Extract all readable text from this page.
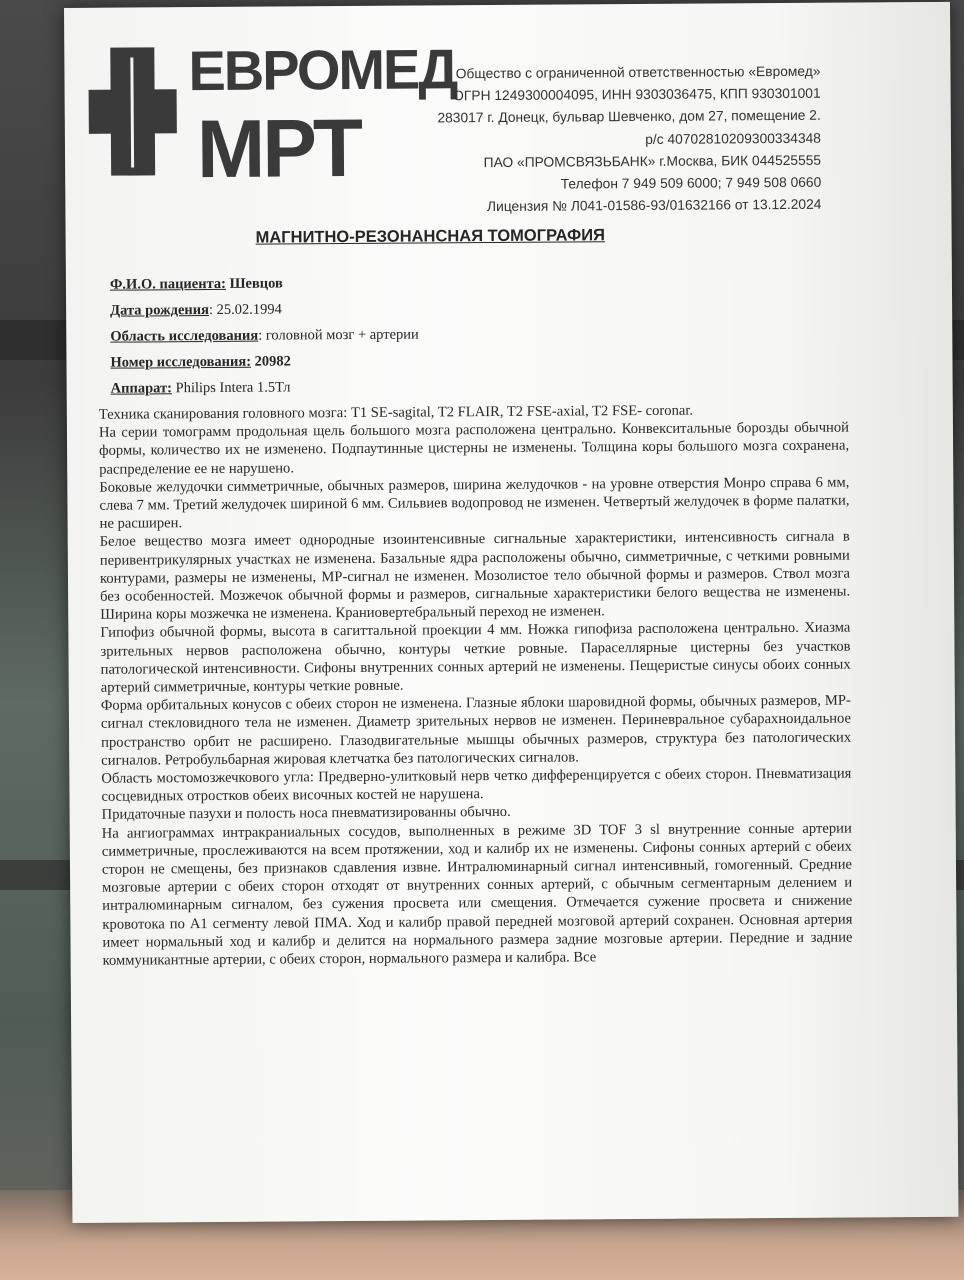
ЕВРОМЕД
МРТ
Общество с ограниченной ответственностью «Евромед»
ОГРН 1249300004095, ИНН 9303036475, КПП 930301001
283017 г. Донецк, бульвар Шевченко, дом 27, помещение 2.
р/с 40702810209300334348
ПАО «ПРОМСВЯЗЬБАНК» г.Москва, БИК 044525555
Телефон 7 949 509 6000; 7 949 508 0660
Лицензия № Л041-01586-93/01632166 от 13.12.2024
МАГНИТНО-РЕЗОНАНСНАЯ ТОМОГРАФИЯ
Ф.И.О. пациента: Шевцов
Дата рождения: 25.02.1994
Область исследования: головной мозг + артерии
Номер исследования: 20982
Аппарат: Philips Intera 1.5Тл

Техника сканирования головного мозга: T1 SE-sagital, T2 FLAIR, T2 FSE-axial, T2 FSE- coronar.

На серии томограмм продольная щель большого мозга расположена центрально. Конвекситальные борозды обычной формы, количество их не изменено. Подпаутинные цистерны не изменены. Толщина коры большого мозга сохранена, распределение ее не нарушено.

Боковые желудочки симметричные, обычных размеров, ширина желудочков - на уровне отверстия Монро справа 6 мм, слева 7 мм. Третий желудочек шириной 6 мм. Сильвиев водопровод не изменен. Четвертый желудочек в форме палатки, не расширен.

Белое вещество мозга имеет однородные изоинтенсивные сигнальные характеристики, интенсивность сигнала в перивентрикулярных участках не изменена. Базальные ядра расположены обычно, симметричные, с четкими ровными контурами, размеры не изменены, МР-сигнал не изменен. Мозолистое тело обычной формы и размеров. Ствол мозга без особенностей. Мозжечок обычной формы и размеров, сигнальные характеристики белого вещества не изменены. Ширина коры мозжечка не изменена. Краниовертебральный переход не изменен.

Гипофиз обычной формы, высота в сагиттальной проекции 4 мм. Ножка гипофиза расположена центрально. Хиазма зрительных нервов расположена обычно, контуры четкие ровные. Параселлярные цистерны без участков патологической интенсивности. Сифоны внутренних сонных артерий не изменены. Пещеристые синусы обоих сонных артерий симметричные, контуры четкие ровные.

Форма орбитальных конусов с обеих сторон не изменена. Глазные яблоки шаровидной формы, обычных размеров, МР-сигнал стекловидного тела не изменен. Диаметр зрительных нервов не изменен. Периневральное субарахноидальное пространство орбит не расширено. Глазодвигательные мышцы обычных размеров, структура без патологических сигналов. Ретробульбарная жировая клетчатка без патологических сигналов.

Область мостомозжечкового угла: Предверно-улитковый нерв четко дифференцируется с обеих сторон. Пневматизация сосцевидных отростков обеих височных костей не нарушена.

Придаточные пазухи и полость носа пневматизированны обычно.

На ангиограммах интракраниальных сосудов, выполненных в режиме 3D TOF 3 sl внутренние сонные артерии симметричные, прослеживаются на всем протяжении, ход и калибр их не изменены. Сифоны сонных артерий с обеих сторон не смещены, без признаков сдавления извне. Интралюминарный сигнал интенсивный, гомогенный. Средние мозговые артерии с обеих сторон отходят от внутренних сонных артерий, с обычным сегментарным делением и интралюминарным сигналом, без сужения просвета или смещения. Отмечается сужение просвета и снижение кровотока по А1 сегменту левой ПМА. Ход и калибр правой передней мозговой артерий сохранен. Основная артерия имеет нормальный ход и калибр и делится на нормального размера задние мозговые артерии. Передние и задние коммуникантные артерии, с обеих сторон, нормального размера и калибра. Все
